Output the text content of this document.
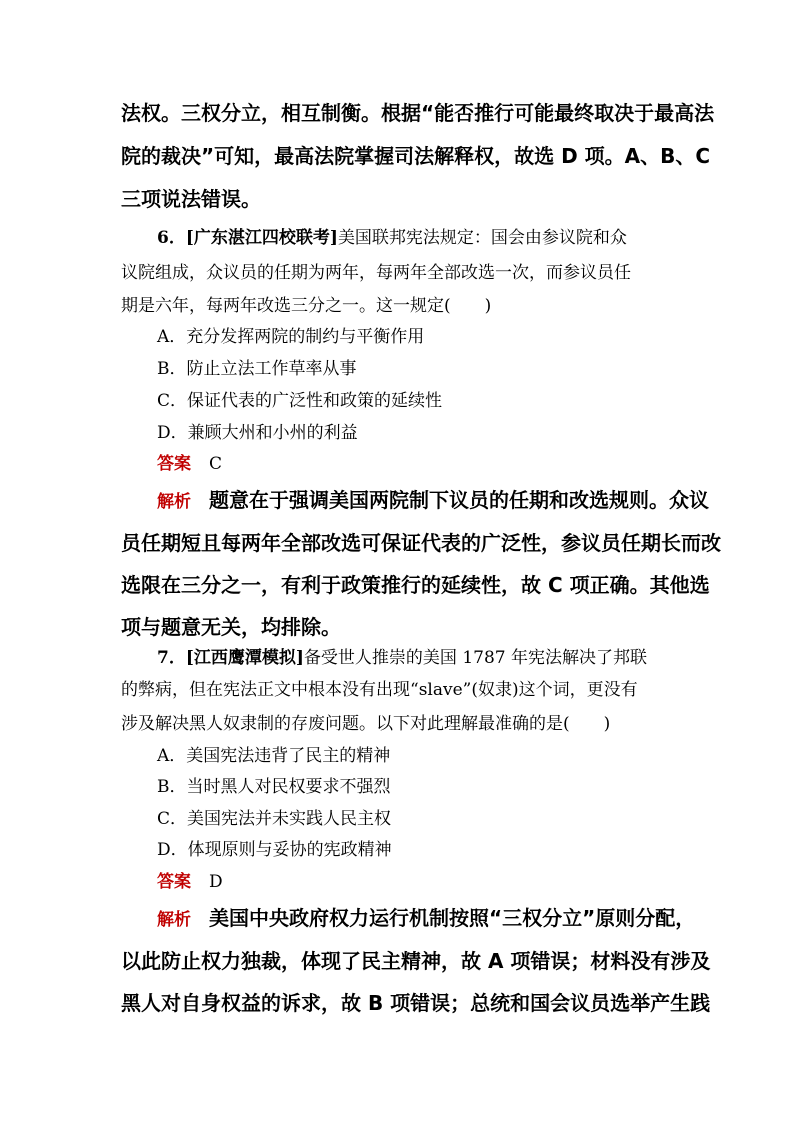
法权。三权分立，相互制衡。根据“能否推行可能最终取决于最高法
院的裁决”可知，最高法院掌握司法解释权，故选 D 项。A、B、C
三项说法错误。
6．[广东湛江四校联考]美国联邦宪法规定：国会由参议院和众
议院组成，众议员的任期为两年，每两年全部改选一次，而参议员任
期是六年，每两年改选三分之一。这一规定(　　)
A．充分发挥两院的制约与平衡作用
B．防止立法工作草率从事
C．保证代表的广泛性和政策的延续性
D．兼顾大州和小州的利益
答案 C
解析 题意在于强调美国两院制下议员的任期和改选规则。众议
员任期短且每两年全部改选可保证代表的广泛性，参议员任期长而改
选限在三分之一，有利于政策推行的延续性，故 C 项正确。其他选
项与题意无关，均排除。
7．[江西鹰潭模拟]备受世人推崇的美国 1787 年宪法解决了邦联
的弊病，但在宪法正文中根本没有出现“slave”(奴隶)这个词，更没有
涉及解决黑人奴隶制的存废问题。以下对此理解最准确的是(　　)
A．美国宪法违背了民主的精神
B．当时黑人对民权要求不强烈
C．美国宪法并未实践人民主权
D．体现原则与妥协的宪政精神
答案 D
解析 美国中央政府权力运行机制按照“三权分立”原则分配，
以此防止权力独裁，体现了民主精神，故 A 项错误；材料没有涉及
黑人对自身权益的诉求，故 B 项错误；总统和国会议员选举产生践
